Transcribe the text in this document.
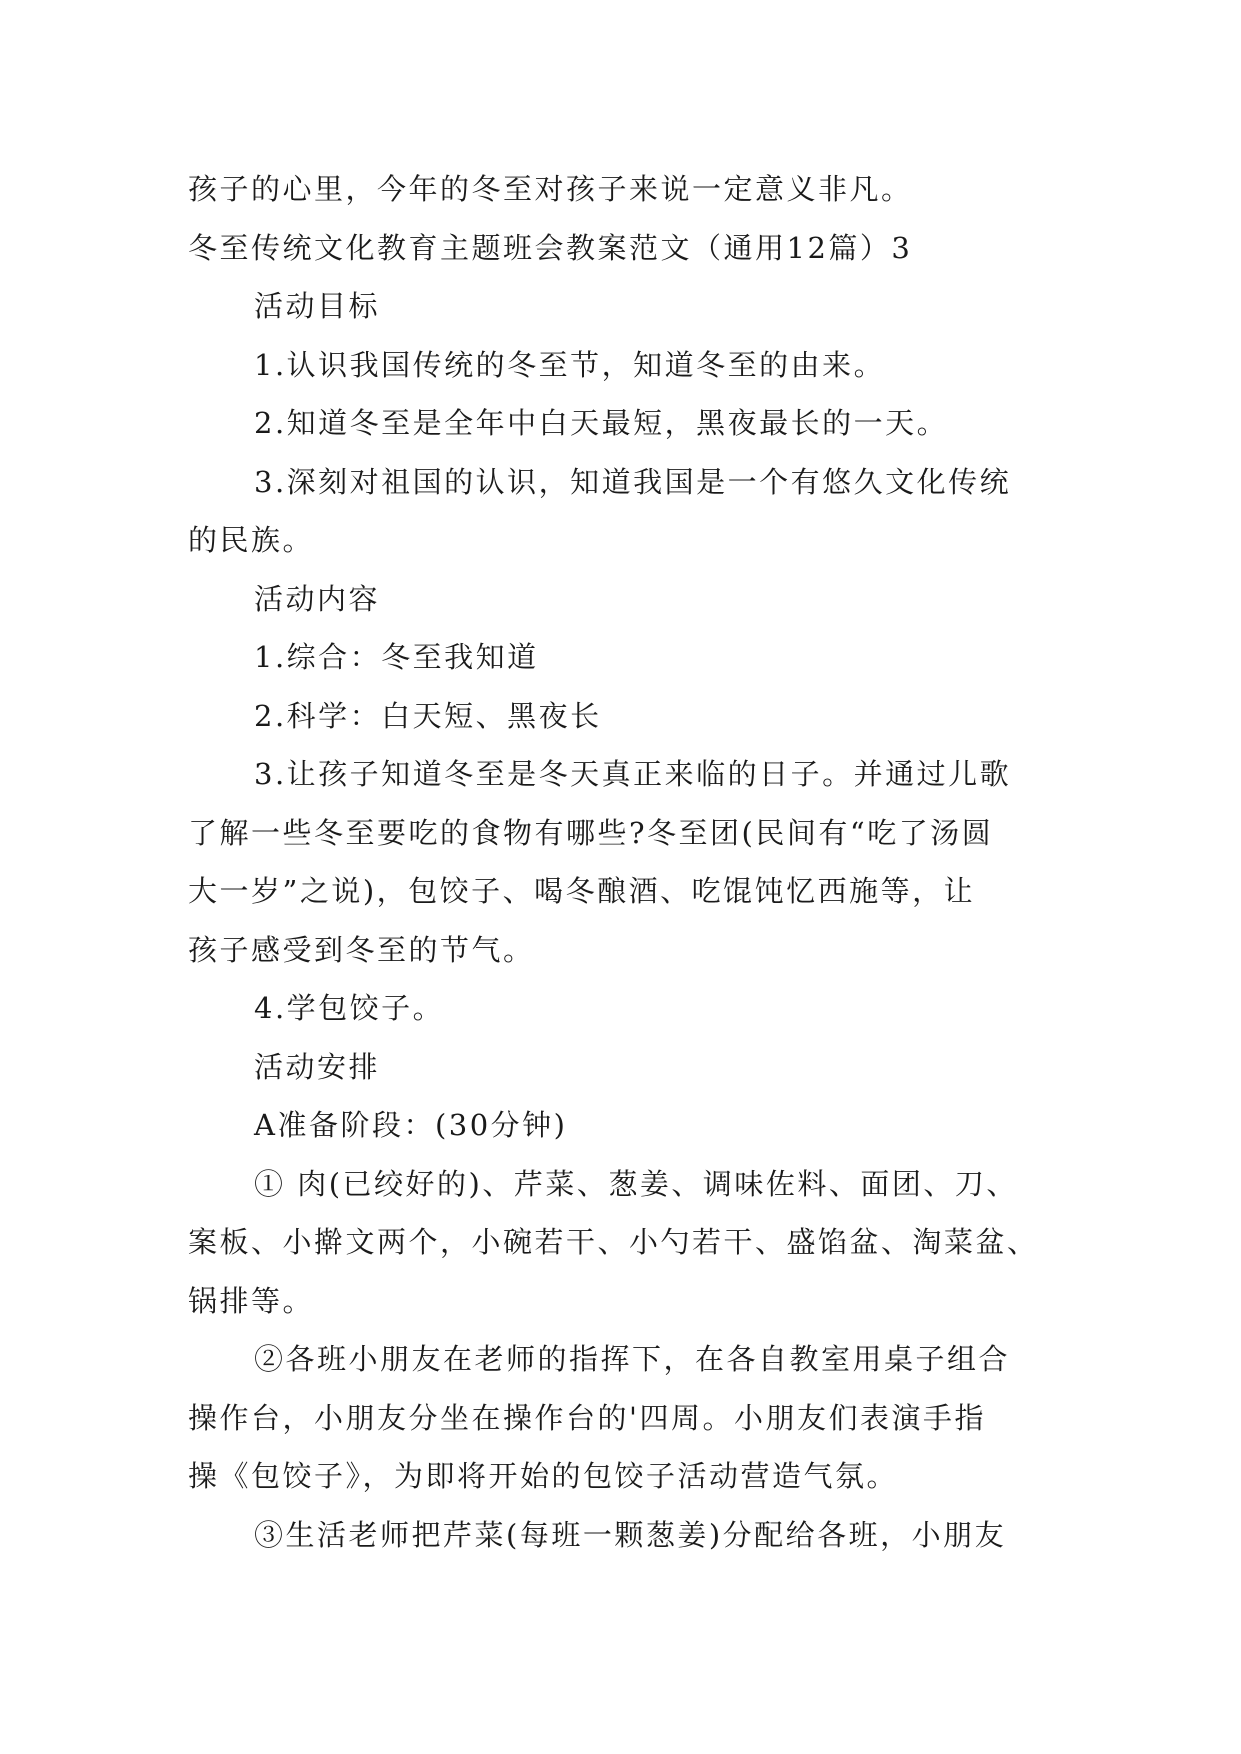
孩子的心里，今年的冬至对孩子来说一定意义非凡。
冬至传统文化教育主题班会教案范文（通用12篇）3
活动目标
1.认识我国传统的冬至节，知道冬至的由来。
2.知道冬至是全年中白天最短，黑夜最长的一天。
3.深刻对祖国的认识，知道我国是一个有悠久文化传统
的民族。
活动内容
1.综合：冬至我知道
2.科学：白天短、黑夜长
3.让孩子知道冬至是冬天真正来临的日子。并通过儿歌
了解一些冬至要吃的食物有哪些?冬至团(民间有“吃了汤圆
大一岁”之说)，包饺子、喝冬酿酒、吃馄饨忆西施等，让
孩子感受到冬至的节气。
4.学包饺子。
活动安排
A准备阶段：(30分钟)
① 肉(已绞好的)、芹菜、葱姜、调味佐料、面团、刀、
案板、小擀文两个，小碗若干、小勺若干、盛馅盆、淘菜盆、
锅排等。
②各班小朋友在老师的指挥下，在各自教室用桌子组合
操作台，小朋友分坐在操作台的'四周。小朋友们表演手指
操《包饺子》，为即将开始的包饺子活动营造气氛。
③生活老师把芹菜(每班一颗葱姜)分配给各班，小朋友
